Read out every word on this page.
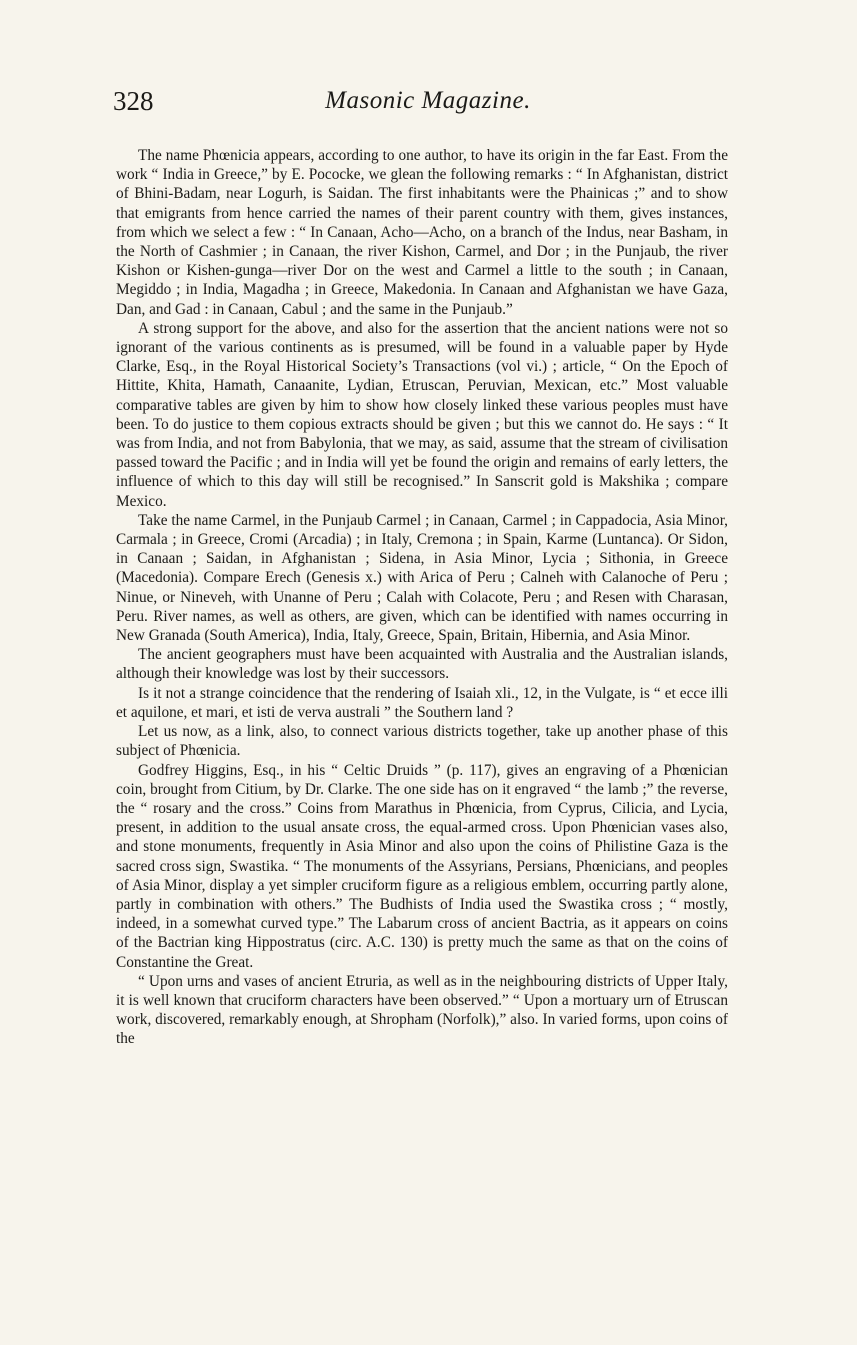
328	Masonic Magazine.

The name Phœnicia appears, according to one author, to have its origin in the far East. From the work “ India in Greece,” by E. Pococke, we glean the following remarks : “ In Afghanistan, district of Bhini-Badam, near Logurh, is Saidan. The first inhabitants were the Phainicas ;” and to show that emigrants from hence carried the names of their parent country with them, gives instances, from which we select a few : “ In Canaan, Acho—Acho, on a branch of the Indus, near Basham, in the North of Cashmier ; in Canaan, the river Kishon, Carmel, and Dor ; in the Punjaub, the river Kishon or Kishen-gunga—river Dor on the west and Carmel a little to the south ; in Canaan, Megiddo ; in India, Magadha ; in Greece, Makedonia. In Canaan and Afghanistan we have Gaza, Dan, and Gad : in Canaan, Cabul ; and the same in the Punjaub.”

A strong support for the above, and also for the assertion that the ancient nations were not so ignorant of the various continents as is presumed, will be found in a valuable paper by Hyde Clarke, Esq., in the Royal Historical Society’s Transactions (vol vi.) ; article, “ On the Epoch of Hittite, Khita, Hamath, Canaanite, Lydian, Etruscan, Peruvian, Mexican, etc.” Most valuable comparative tables are given by him to show how closely linked these various peoples must have been. To do justice to them copious extracts should be given ; but this we cannot do. He says : “ It was from India, and not from Babylonia, that we may, as said, assume that the stream of civilisation passed toward the Pacific ; and in India will yet be found the origin and remains of early letters, the influence of which to this day will still be recognised.” In Sanscrit gold is Makshika ; compare Mexico.

Take the name Carmel, in the Punjaub Carmel ; in Canaan, Carmel ; in Cappadocia, Asia Minor, Carmala ; in Greece, Cromi (Arcadia) ; in Italy, Cremona ; in Spain, Karme (Luntanca). Or Sidon, in Canaan ; Saidan, in Afghanistan ; Sidena, in Asia Minor, Lycia ; Sithonia, in Greece (Macedonia). Compare Erech (Genesis x.) with Arica of Peru ; Calneh with Calanoche of Peru ; Ninue, or Nineveh, with Unanne of Peru ; Calah with Colacote, Peru ; and Resen with Charasan, Peru. River names, as well as others, are given, which can be identified with names occurring in New Granada (South America), India, Italy, Greece, Spain, Britain, Hibernia, and Asia Minor.

The ancient geographers must have been acquainted with Australia and the Australian islands, although their knowledge was lost by their successors.

Is it not a strange coincidence that the rendering of Isaiah xli., 12, in the Vulgate, is “ et ecce illi et aquilone, et mari, et isti de verva australi ” the Southern land ?

Let us now, as a link, also, to connect various districts together, take up another phase of this subject of Phœnicia.

Godfrey Higgins, Esq., in his “ Celtic Druids ” (p. 117), gives an engraving of a Phœnician coin, brought from Citium, by Dr. Clarke. The one side has on it engraved “ the lamb ;” the reverse, the “ rosary and the cross.” Coins from Marathus in Phœnicia, from Cyprus, Cilicia, and Lycia, present, in addition to the usual ansate cross, the equal-armed cross. Upon Phœnician vases also, and stone monuments, frequently in Asia Minor and also upon the coins of Philistine Gaza is the sacred cross sign, Swastika. “ The monuments of the Assyrians, Persians, Phœnicians, and peoples of Asia Minor, display a yet simpler cruciform figure as a religious emblem, occurring partly alone, partly in combination with others.” The Budhists of India used the Swastika cross ; “ mostly, indeed, in a somewhat curved type.” The Labarum cross of ancient Bactria, as it appears on coins of the Bactrian king Hippostratus (circ. A.C. 130) is pretty much the same as that on the coins of Constantine the Great.

“ Upon urns and vases of ancient Etruria, as well as in the neighbouring districts of Upper Italy, it is well known that cruciform characters have been observed.” “ Upon a mortuary urn of Etruscan work, discovered, remarkably enough, at Shropham (Norfolk),” also. In varied forms, upon coins of the
